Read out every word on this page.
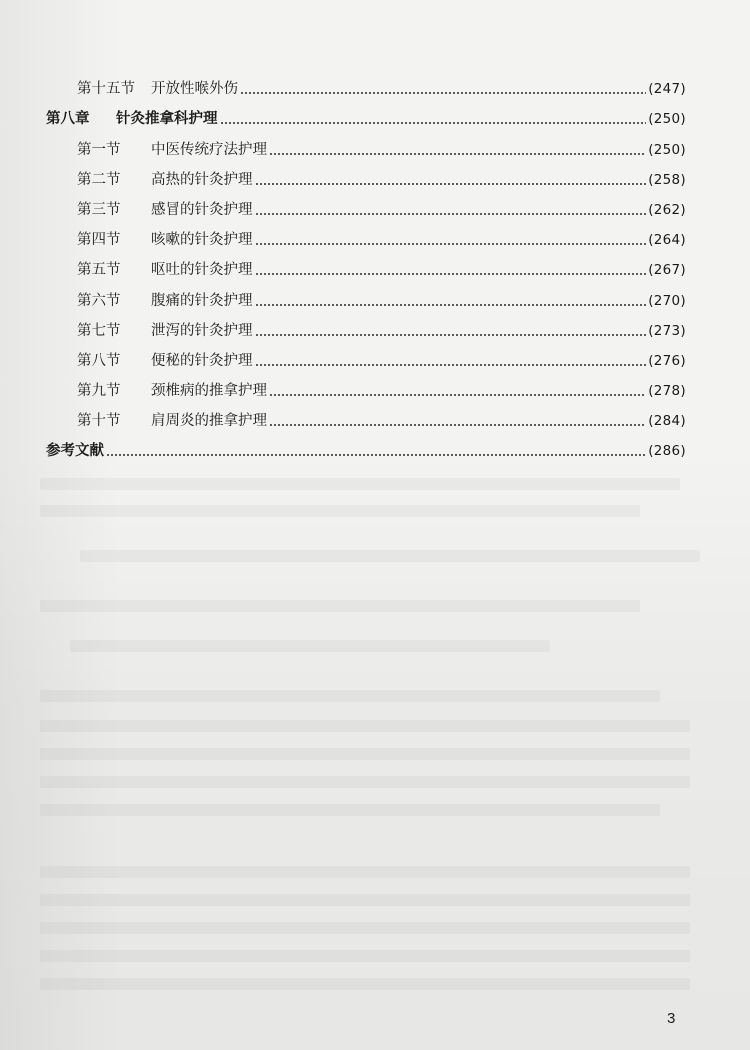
第十五节	开放性喉外伤	(247)
第八章	针灸推拿科护理	(250)
第一节	中医传统疗法护理	(250)
第二节	高热的针灸护理	(258)
第三节	感冒的针灸护理	(262)
第四节	咳嗽的针灸护理	(264)
第五节	呕吐的针灸护理	(267)
第六节	腹痛的针灸护理	(270)
第七节	泄泻的针灸护理	(273)
第八节	便秘的针灸护理	(276)
第九节	颈椎病的推拿护理	(278)
第十节	肩周炎的推拿护理	(284)
参考文献	(286)
3
